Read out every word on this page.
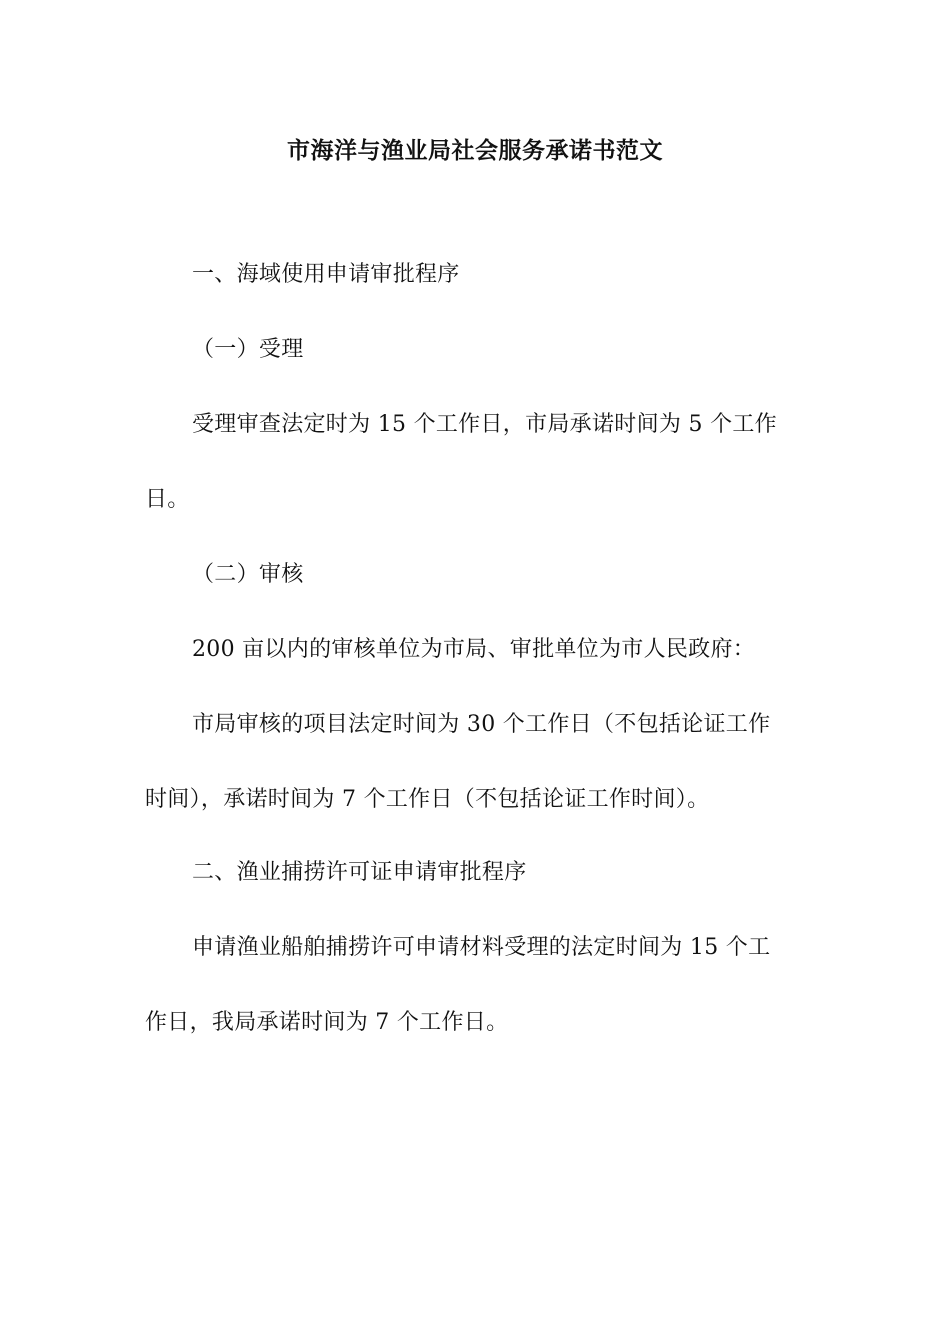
市海洋与渔业局社会服务承诺书范文
一、海域使用申请审批程序
（一）受理
受理审查法定时为 15 个工作日，市局承诺时间为 5 个工作
日。
（二）审核
200 亩以内的审核单位为市局、审批单位为市人民政府：
市局审核的项目法定时间为 30 个工作日（不包括论证工作
时间），承诺时间为 7 个工作日（不包括论证工作时间）。
二、渔业捕捞许可证申请审批程序
申请渔业船舶捕捞许可申请材料受理的法定时间为 15 个工
作日，我局承诺时间为 7 个工作日。
